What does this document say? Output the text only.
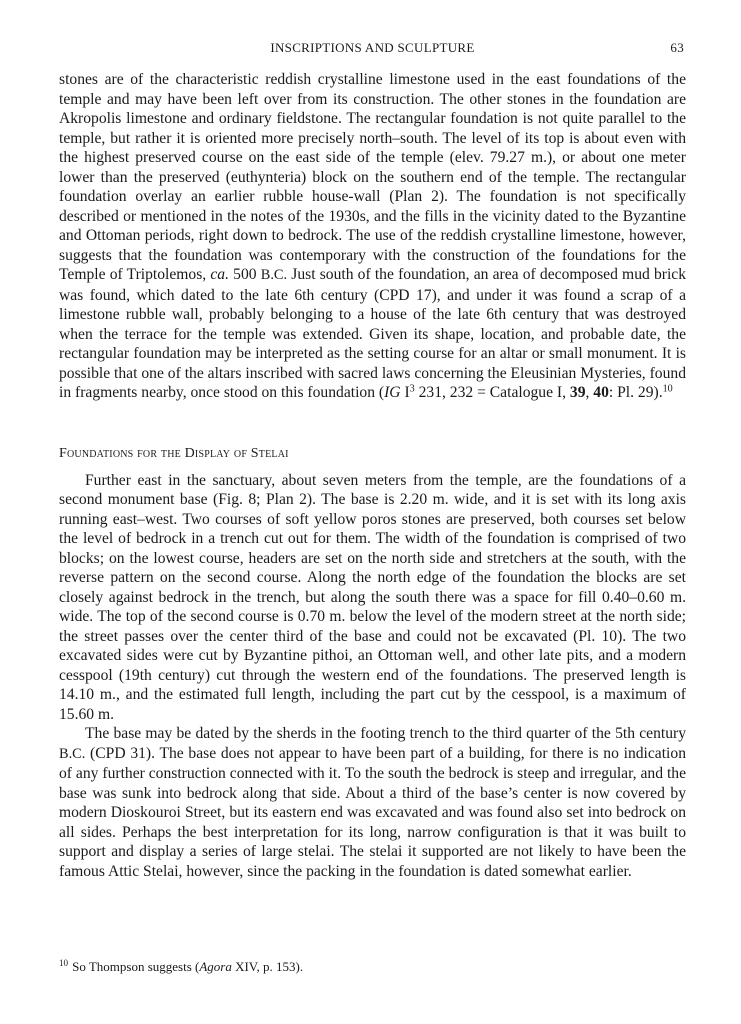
INSCRIPTIONS AND SCULPTURE	63

stones are of the characteristic reddish crystalline limestone used in the east foundations of the temple and may have been left over from its construction. The other stones in the foundation are Akropolis limestone and ordinary fieldstone. The rectangular foundation is not quite parallel to the temple, but rather it is oriented more precisely north–south. The level of its top is about even with the highest preserved course on the east side of the temple (elev. 79.27 m.), or about one meter lower than the preserved (euthynteria) block on the southern end of the temple. The rectangular foundation overlay an earlier rubble house-wall (Plan 2). The foundation is not specifically described or mentioned in the notes of the 1930s, and the fills in the vicinity dated to the Byzantine and Ottoman periods, right down to bedrock. The use of the reddish crystalline limestone, however, suggests that the foundation was contemporary with the construction of the foundations for the Temple of Triptolemos, ca. 500 B.C. Just south of the foundation, an area of decomposed mud brick was found, which dated to the late 6th century (CPD 17), and under it was found a scrap of a limestone rubble wall, probably belonging to a house of the late 6th century that was destroyed when the terrace for the temple was extended. Given its shape, location, and probable date, the rectangular foundation may be interpreted as the setting course for an altar or small monument. It is possible that one of the altars inscribed with sacred laws concerning the Eleusinian Mysteries, found in fragments nearby, once stood on this foundation (IG $I^3$ 231, 232 = Catalogue I, 39, 40: Pl. 29).$^{10}$

Foundations for the Display of Stelai

Further east in the sanctuary, about seven meters from the temple, are the foundations of a second monument base (Fig. 8; Plan 2). The base is 2.20 m. wide, and it is set with its long axis running east–west. Two courses of soft yellow poros stones are preserved, both courses set below the level of bedrock in a trench cut out for them. The width of the foundation is comprised of two blocks; on the lowest course, headers are set on the north side and stretchers at the south, with the reverse pattern on the second course. Along the north edge of the foundation the blocks are set closely against bedrock in the trench, but along the south there was a space for fill 0.40–0.60 m. wide. The top of the second course is 0.70 m. below the level of the modern street at the north side; the street passes over the center third of the base and could not be excavated (Pl. 10). The two excavated sides were cut by Byzantine pithoi, an Ottoman well, and other late pits, and a modern cesspool (19th century) cut through the western end of the foundations. The preserved length is 14.10 m., and the estimated full length, including the part cut by the cesspool, is a maximum of 15.60 m.

The base may be dated by the sherds in the footing trench to the third quarter of the 5th century B.C. (CPD 31). The base does not appear to have been part of a building, for there is no indication of any further construction connected with it. To the south the bedrock is steep and irregular, and the base was sunk into bedrock along that side. About a third of the base’s center is now covered by modern Dioskouroi Street, but its eastern end was excavated and was found also set into bedrock on all sides. Perhaps the best interpretation for its long, narrow configuration is that it was built to support and display a series of large stelai. The stelai it supported are not likely to have been the famous Attic Stelai, however, since the packing in the foundation is dated somewhat earlier.

$^{10}$ So Thompson suggests (Agora XIV, p. 153).
